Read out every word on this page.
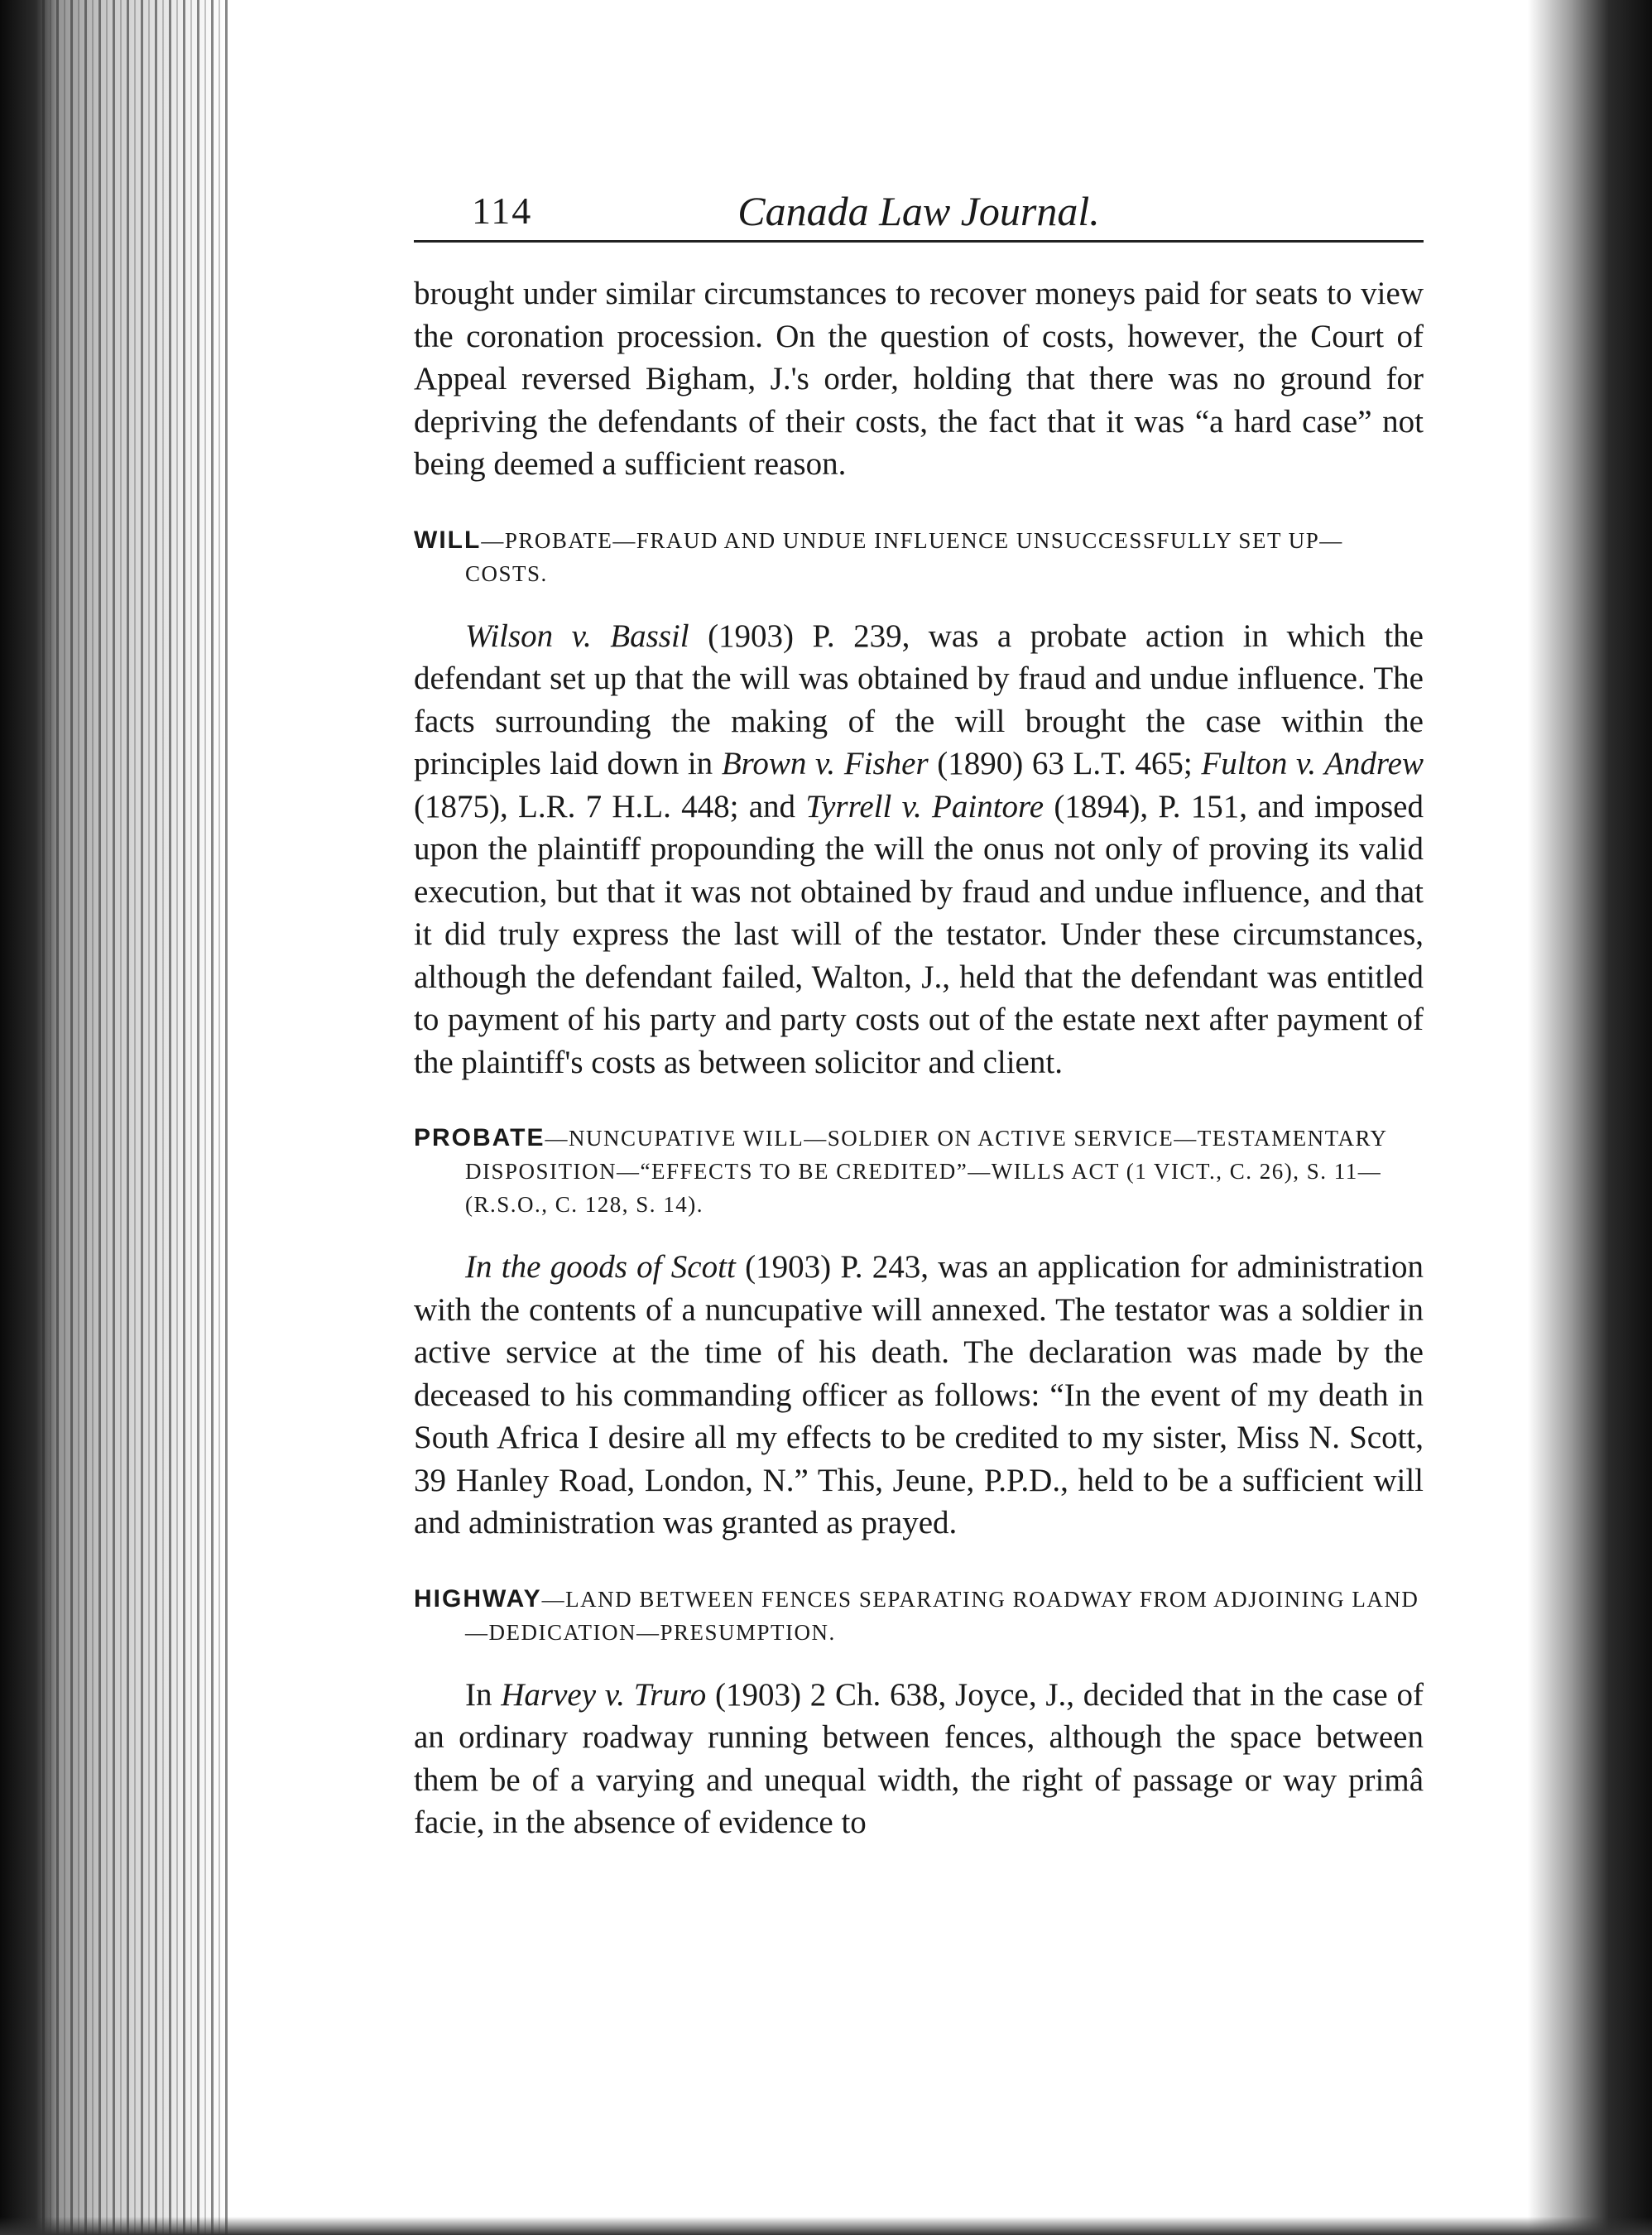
114	Canada Law Journal.

brought under similar circumstances to recover moneys paid for seats to view the coronation procession. On the question of costs, however, the Court of Appeal reversed Bigham, J.'s order, holding that there was no ground for depriving the defendants of their costs, the fact that it was “a hard case” not being deemed a sufficient reason.

WILL—PROBATE—FRAUD AND UNDUE INFLUENCE UNSUCCESSFULLY SET UP—COSTS.

Wilson v. Bassil (1903) P. 239, was a probate action in which the defendant set up that the will was obtained by fraud and undue influence. The facts surrounding the making of the will brought the case within the principles laid down in Brown v. Fisher (1890) 63 L.T. 465; Fulton v. Andrew (1875), L.R. 7 H.L. 448; and Tyrrell v. Paintore (1894), P. 151, and imposed upon the plaintiff propounding the will the onus not only of proving its valid execution, but that it was not obtained by fraud and undue influence, and that it did truly express the last will of the testator. Under these circumstances, although the defendant failed, Walton, J., held that the defendant was entitled to payment of his party and party costs out of the estate next after payment of the plaintiff's costs as between solicitor and client.

PROBATE—NUNCUPATIVE WILL—SOLDIER ON ACTIVE SERVICE—TESTAMENTARY DISPOSITION—“EFFECTS TO BE CREDITED”—WILLS ACT (1 VICT., C. 26), S. 11—(R.S.O., C. 128, S. 14).

In the goods of Scott (1903) P. 243, was an application for administration with the contents of a nuncupative will annexed. The testator was a soldier in active service at the time of his death. The declaration was made by the deceased to his commanding officer as follows: “In the event of my death in South Africa I desire all my effects to be credited to my sister, Miss N. Scott, 39 Hanley Road, London, N.” This, Jeune, P.P.D., held to be a sufficient will and administration was granted as prayed.

HIGHWAY—LAND BETWEEN FENCES SEPARATING ROADWAY FROM ADJOINING LAND—DEDICATION—PRESUMPTION.

In Harvey v. Truro (1903) 2 Ch. 638, Joyce, J., decided that in the case of an ordinary roadway running between fences, although the space between them be of a varying and unequal width, the right of passage or way primâ facie, in the absence of evidence to
